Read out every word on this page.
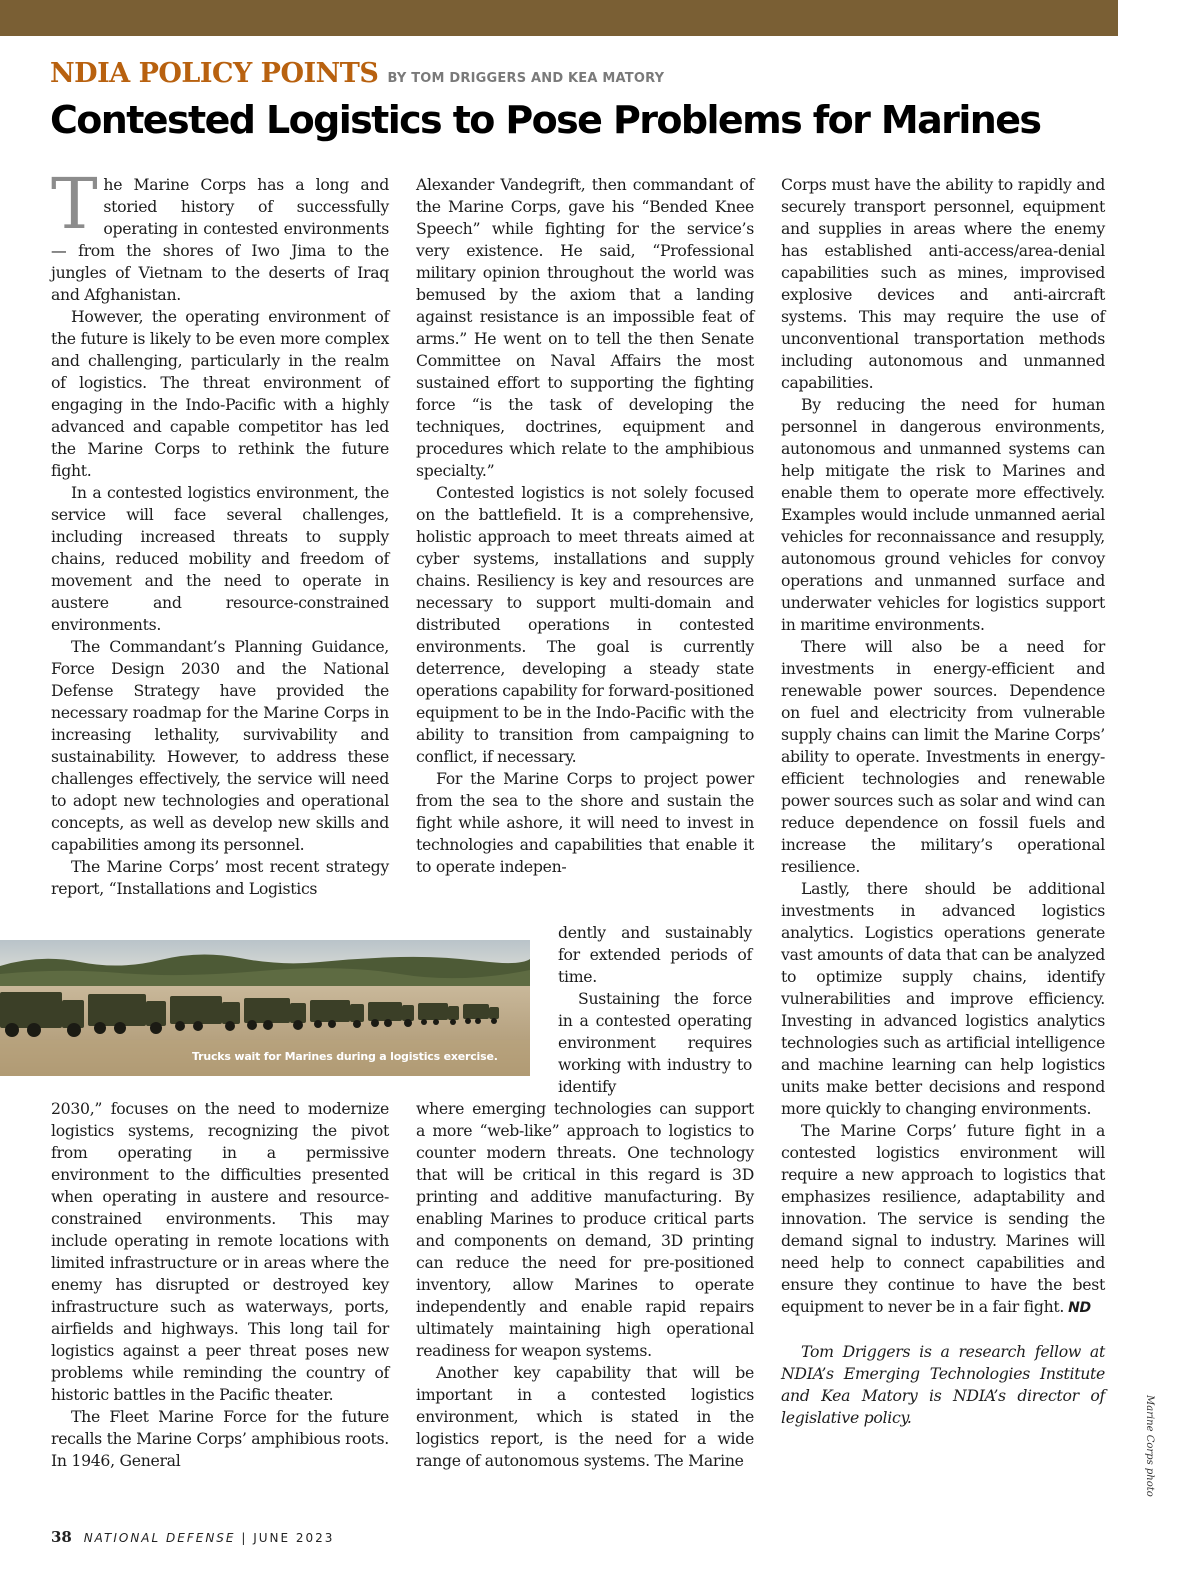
NDIA POLICY POINTS BY TOM DRIGGERS AND KEA MATORY
Contested Logistics to Pose Problems for Marines

The Marine Corps has a long and storied history of successfully operating in contested environments — from the shores of Iwo Jima to the jungles of Vietnam to the deserts of Iraq and Afghanistan.

However, the operating environment of the future is likely to be even more complex and challenging, particularly in the realm of logistics. The threat environment of engaging in the Indo-Pacific with a highly advanced and capable competitor has led the Marine Corps to rethink the future fight.

In a contested logistics environment, the service will face several challenges, including increased threats to supply chains, reduced mobility and freedom of movement and the need to operate in austere and resource-constrained environments.

The Commandant’s Planning Guidance, Force Design 2030 and the National Defense Strategy have provided the necessary roadmap for the Marine Corps in increasing lethality, survivability and sustainability. However, to address these challenges effectively, the service will need to adopt new technologies and operational concepts, as well as develop new skills and capabilities among its personnel.

The Marine Corps’ most recent strategy report, “Installations and Logistics

Trucks wait for Marines during a logistics exercise.

2030,” focuses on the need to modernize logistics systems, recognizing the pivot from operating in a permissive environment to the difficulties presented when operating in austere and resource-constrained environments. This may include operating in remote locations with limited infrastructure or in areas where the enemy has disrupted or destroyed key infrastructure such as waterways, ports, airfields and highways. This long tail for logistics against a peer threat poses new problems while reminding the country of historic battles in the Pacific theater.

The Fleet Marine Force for the future recalls the Marine Corps’ amphibious roots. In 1946, General

Alexander Vandegrift, then commandant of the Marine Corps, gave his “Bended Knee Speech” while fighting for the service’s very existence. He said, “Professional military opinion throughout the world was bemused by the axiom that a landing against resistance is an impossible feat of arms.” He went on to tell the then Senate Committee on Naval Affairs the most sustained effort to supporting the fighting force “is the task of developing the techniques, doctrines, equipment and procedures which relate to the amphibious specialty.”

Contested logistics is not solely focused on the battlefield. It is a comprehensive, holistic approach to meet threats aimed at cyber systems, installations and supply chains. Resiliency is key and resources are necessary to support multi-domain and distributed operations in contested environments. The goal is currently deterrence, developing a steady state operations capability for forward-positioned equipment to be in the Indo-Pacific with the ability to transition from campaigning to conflict, if necessary.

For the Marine Corps to project power from the sea to the shore and sustain the fight while ashore, it will need to invest in technologies and capabilities that enable it to operate indepen-

dently and sustainably for extended periods of time.

Sustaining the force in a contested operating environment requires working with industry to identify

where emerging technologies can support a more “web-like” approach to logistics to counter modern threats. One technology that will be critical in this regard is 3D printing and additive manufacturing. By enabling Marines to produce critical parts and components on demand, 3D printing can reduce the need for pre-positioned inventory, allow Marines to operate independently and enable rapid repairs ultimately maintaining high operational readiness for weapon systems.

Another key capability that will be important in a contested logistics environment, which is stated in the logistics report, is the need for a wide range of autonomous systems. The Marine

Corps must have the ability to rapidly and securely transport personnel, equipment and supplies in areas where the enemy has established anti-access/area-denial capabilities such as mines, improvised explosive devices and anti-aircraft systems. This may require the use of unconventional transportation methods including autonomous and unmanned capabilities.

By reducing the need for human personnel in dangerous environments, autonomous and unmanned systems can help mitigate the risk to Marines and enable them to operate more effectively. Examples would include unmanned aerial vehicles for reconnaissance and resupply, autonomous ground vehicles for convoy operations and unmanned surface and underwater vehicles for logistics support in maritime environments.

There will also be a need for investments in energy-efficient and renewable power sources. Dependence on fuel and electricity from vulnerable supply chains can limit the Marine Corps’ ability to operate. Investments in energy-efficient technologies and renewable power sources such as solar and wind can reduce dependence on fossil fuels and increase the military’s operational resilience.

Lastly, there should be additional investments in advanced logistics analytics. Logistics operations generate vast amounts of data that can be analyzed to optimize supply chains, identify vulnerabilities and improve efficiency. Investing in advanced logistics analytics technologies such as artificial intelligence and machine learning can help logistics units make better decisions and respond more quickly to changing environments.

The Marine Corps’ future fight in a contested logistics environment will require a new approach to logistics that emphasizes resilience, adaptability and innovation. The service is sending the demand signal to industry. Marines will need help to connect capabilities and ensure they continue to have the best equipment to never be in a fair fight. ND

Tom Driggers is a research fellow at NDIA’s Emerging Technologies Institute and Kea Matory is NDIA’s director of legislative policy.	Marine Corps photo
38 NATIONAL DEFENSE | JUNE 2023
